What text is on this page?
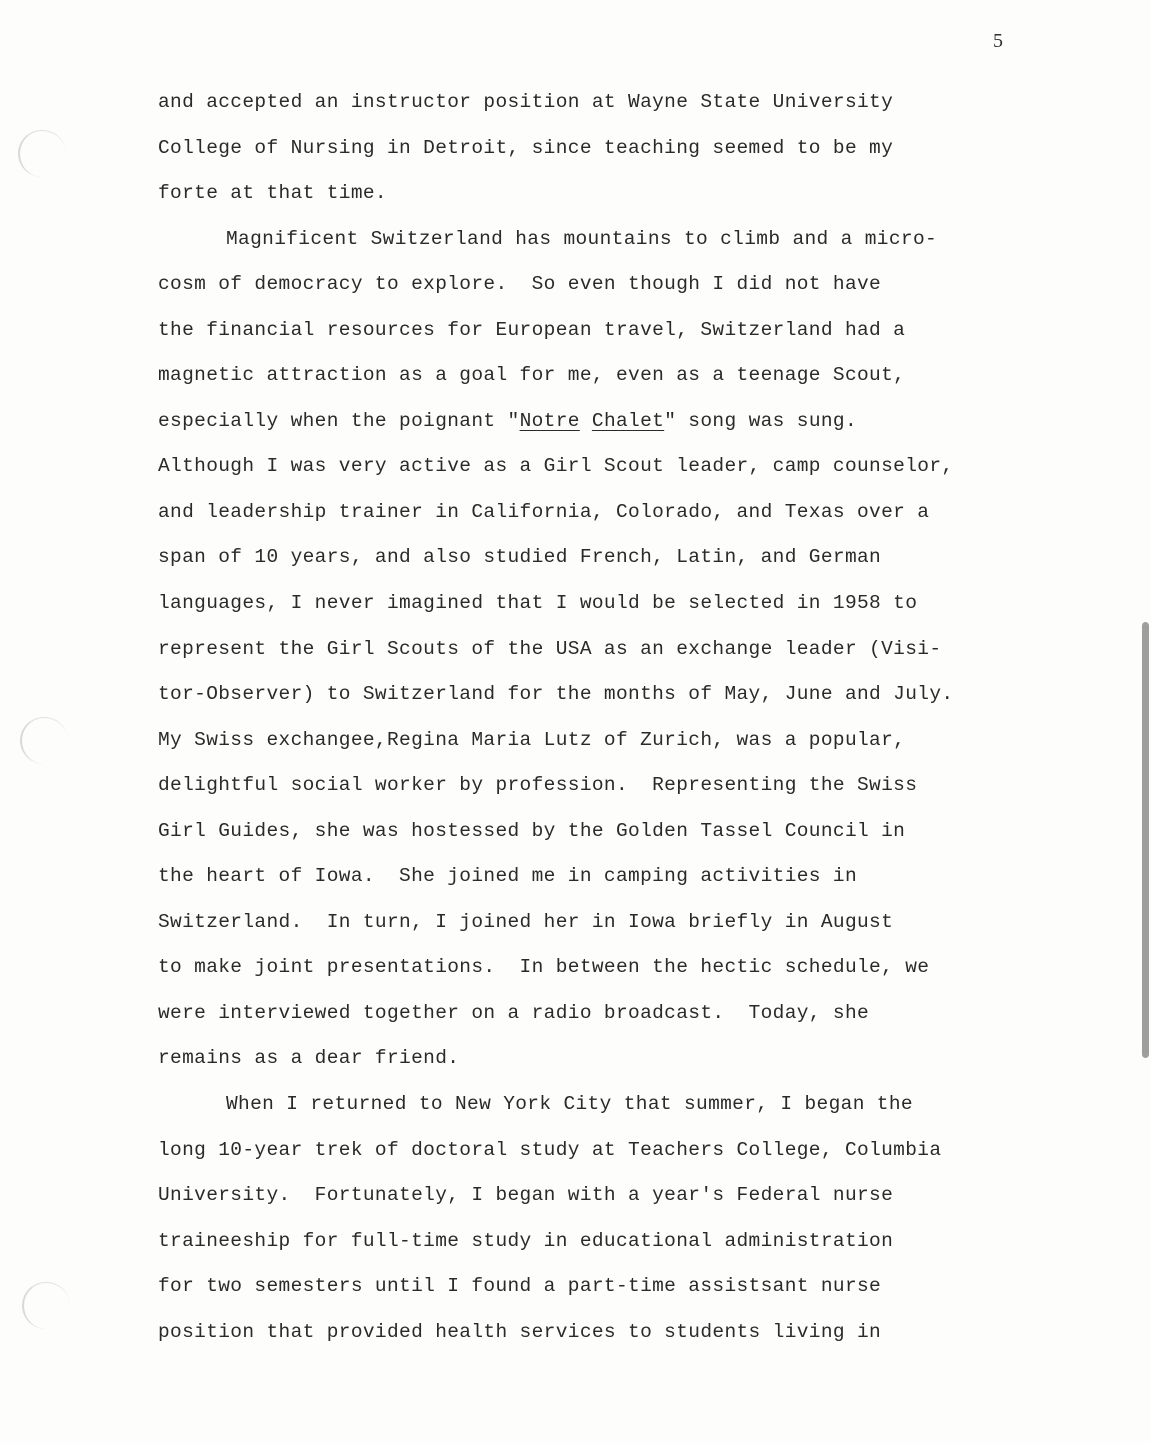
5
and accepted an instructor position at Wayne State University
College of Nursing in Detroit, since teaching seemed to be my
forte at that time.
Magnificent Switzerland has mountains to climb and a micro-
cosm of democracy to explore.  So even though I did not have
the financial resources for European travel, Switzerland had a
magnetic attraction as a goal for me, even as a teenage Scout,
especially when the poignant "Notre Chalet" song was sung.
Although I was very active as a Girl Scout leader, camp counselor,
and leadership trainer in California, Colorado, and Texas over a
span of 10 years, and also studied French, Latin, and German
languages, I never imagined that I would be selected in 1958 to
represent the Girl Scouts of the USA as an exchange leader (Visi-
tor-Observer) to Switzerland for the months of May, June and July.
My Swiss exchangee,Regina Maria Lutz of Zurich, was a popular,
delightful social worker by profession.  Representing the Swiss
Girl Guides, she was hostessed by the Golden Tassel Council in
the heart of Iowa.  She joined me in camping activities in
Switzerland.  In turn, I joined her in Iowa briefly in August
to make joint presentations.  In between the hectic schedule, we
were interviewed together on a radio broadcast.  Today, she
remains as a dear friend.
When I returned to New York City that summer, I began the
long 10-year trek of doctoral study at Teachers College, Columbia
University.  Fortunately, I began with a year's Federal nurse
traineeship for full-time study in educational administration
for two semesters until I found a part-time assistsant nurse
position that provided health services to students living in
